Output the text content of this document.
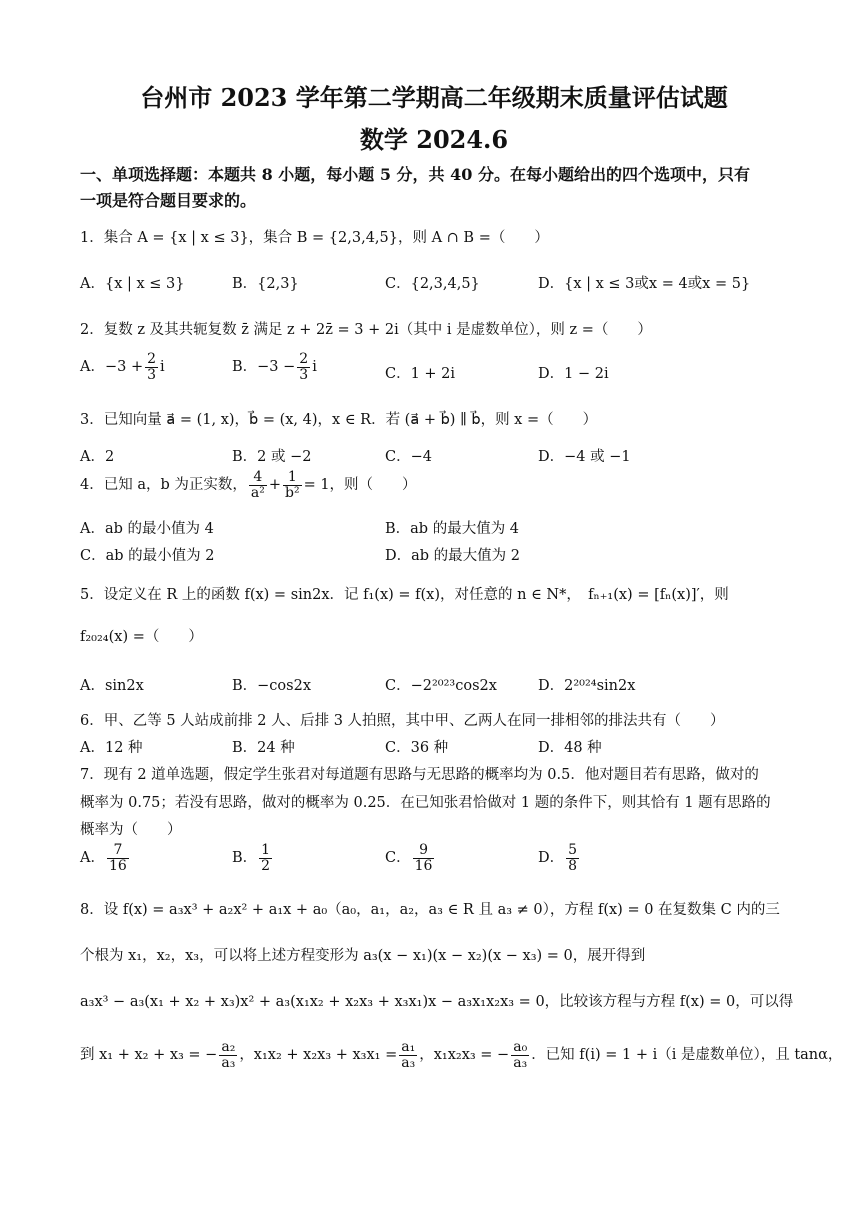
台州市 2023 学年第二学期高二年级期末质量评估试题
数学 2024.6
一、单项选择题：本题共 8 小题，每小题 5 分，共 40 分。在每小题给出的四个选项中，只有
一项是符合题目要求的。
1．集合 A = {x | x ≤ 3}，集合 B = {2,3,4,5}，则 A ∩ B =（　　）
A．{x | x ≤ 3}	B．{2,3}	C．{2,3,4,5}	D．{x | x ≤ 3或x = 4或x = 5}
2．复数 z 及其共轭复数 z̄ 满足 z + 2z̄ = 3 + 2i（其中 i 是虚数单位），则 z =（　　）
A．$-3 + \frac{2}{3}$ i	B．$-3 - \frac{2}{3}$ i	C．1 + 2i	D．1 − 2i
3．已知向量 a⃗ = (1, x)，b⃗ = (x, 4)，x ∈ R．若 (a⃗ + b⃗) ∥ b⃗，则 x =（　　）
A．2	B．2 或 −2	C．−4	D．−4 或 −1
4．已知 a，b 为正实数， $\frac{4}{\text{a²}} + \frac{1}{\text{b²}} = 1$，则（　　）
A．ab 的最小值为 4	B．ab 的最大值为 4
C．ab 的最小值为 2	D．ab 的最大值为 2
5．设定义在 R 上的函数 f(x) = sin2x．记 f₁(x) = f(x)，对任意的 n ∈ N*，　fₙ₊₁(x) = [fₙ(x)]′，则
f₂₀₂₄(x) =（　　）
A．sin2x	B．−cos2x	C．−2²⁰²³cos2x	D．2²⁰²⁴sin2x
6．甲、乙等 5 人站成前排 2 人、后排 3 人拍照，其中甲、乙两人在同一排相邻的排法共有（　　）
A．12 种	B．24 种	C．36 种	D．48 种
7．现有 2 道单选题，假定学生张君对每道题有思路与无思路的概率均为 0.5．他对题目若有思路，做对的
概率为 0.75；若没有思路，做对的概率为 0.25．在已知张君恰做对 1 题的条件下，则其恰有 1 题有思路的
概率为（　　）
A． $\frac{7}{16}$	B． $\frac{1}{2}$	C． $\frac{9}{16}$	D． $\frac{5}{8}$
8．设 f(x) = a₃x³ + a₂x² + a₁x + a₀（a₀，a₁，a₂，a₃ ∈ R 且 a₃ ≠ 0），方程 f(x) = 0 在复数集 C 内的三
个根为 x₁，x₂，x₃，可以将上述方程变形为 a₃(x − x₁)(x − x₂)(x − x₃) = 0，展开得到
a₃x³ − a₃(x₁ + x₂ + x₃)x² + a₃(x₁x₂ + x₂x₃ + x₃x₁)x − a₃x₁x₂x₃ = 0，比较该方程与方程 f(x) = 0，可以得
到 x₁ + x₂ + x₃ = − $\frac{\text{a₂}}{\text{a₃}}$ ，$x_1x_2 + x_2x_3 + x_3x_1 = \frac{\text{a₁}}{\text{a₃}}$ ，x₁x₂x₃ = − $\frac{\text{a₀}}{\text{a₃}}$ ．已知 f(i) = 1 + i（i 是虚数单位），且 tanα，
